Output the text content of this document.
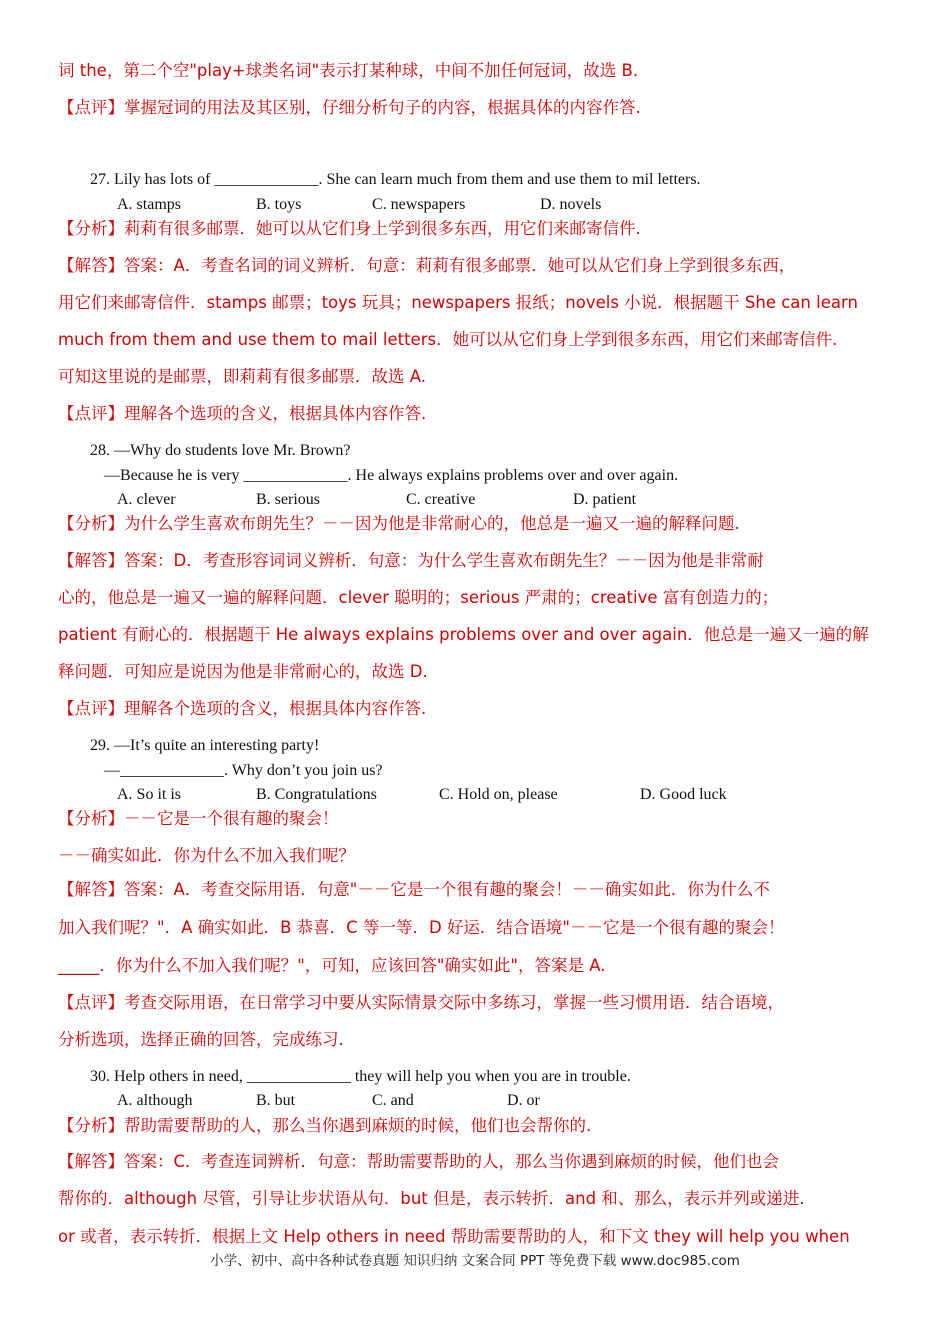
词 the，第二个空"play+球类名词"表示打某种球，中间不加任何冠词，故选 B.
【点评】掌握冠词的用法及其区别，仔细分析句子的内容，根据具体的内容作答.
27. Lily has lots of _____________. She can learn much from them and use them to mil letters.
A. stamps	B. toys	C. newspapers	D. novels
【分析】莉莉有很多邮票．她可以从它们身上学到很多东西，用它们来邮寄信件.
【解答】答案：A．考查名词的词义辨析．句意：莉莉有很多邮票．她可以从它们身上学到很多东西，
用它们来邮寄信件．stamps 邮票；toys 玩具；newspapers 报纸；novels 小说．根据题干 She can learn
much from them and use them to mail letters．她可以从它们身上学到很多东西，用它们来邮寄信件.
可知这里说的是邮票，即莉莉有很多邮票．故选 A.
【点评】理解各个选项的含义，根据具体内容作答.
28. —Why do students love Mr. Brown?
—Because he is very _____________. He always explains problems over and over again.
A. clever	B. serious	C. creative	D. patient
【分析】为什么学生喜欢布朗先生？－－因为他是非常耐心的，他总是一遍又一遍的解释问题.
【解答】答案：D．考查形容词词义辨析．句意：为什么学生喜欢布朗先生？－－因为他是非常耐
心的，他总是一遍又一遍的解释问题．clever 聪明的；serious 严肃的；creative 富有创造力的；
patient 有耐心的．根据题干 He always explains problems over and over again．他总是一遍又一遍的解
释问题．可知应是说因为他是非常耐心的，故选 D.
【点评】理解各个选项的含义，根据具体内容作答.
29. —It’s quite an interesting party!
—_____________. Why don’t you join us?
A. So it is	B. Congratulations	C. Hold on, please	D. Good luck
【分析】－－它是一个很有趣的聚会！
－－确实如此．你为什么不加入我们呢？
【解答】答案：A．考查交际用语．句意"－－它是一个很有趣的聚会！－－确实如此．你为什么不
加入我们呢？"．A 确实如此．B 恭喜．C 等一等．D 好运．结合语境"－－它是一个很有趣的聚会！
_____．你为什么不加入我们呢？"，可知，应该回答"确实如此"，答案是 A.
【点评】考查交际用语，在日常学习中要从实际情景交际中多练习，掌握一些习惯用语．结合语境，
分析选项，选择正确的回答，完成练习.
30. Help others in need, _____________ they will help you when you are in trouble.
A. although	B. but	C. and	D. or
【分析】帮助需要帮助的人，那么当你遇到麻烦的时候，他们也会帮你的.
【解答】答案：C．考查连词辨析．句意：帮助需要帮助的人，那么当你遇到麻烦的时候，他们也会
帮你的．although 尽管，引导让步状语从句．but 但是，表示转折．and 和、那么，表示并列或递进.
or 或者，表示转折．根据上文 Help others in need 帮助需要帮助的人，和下文 they will help you when
小学、初中、高中各种试卷真题 知识归纳 文案合同 PPT 等免费下载 www.doc985.com
